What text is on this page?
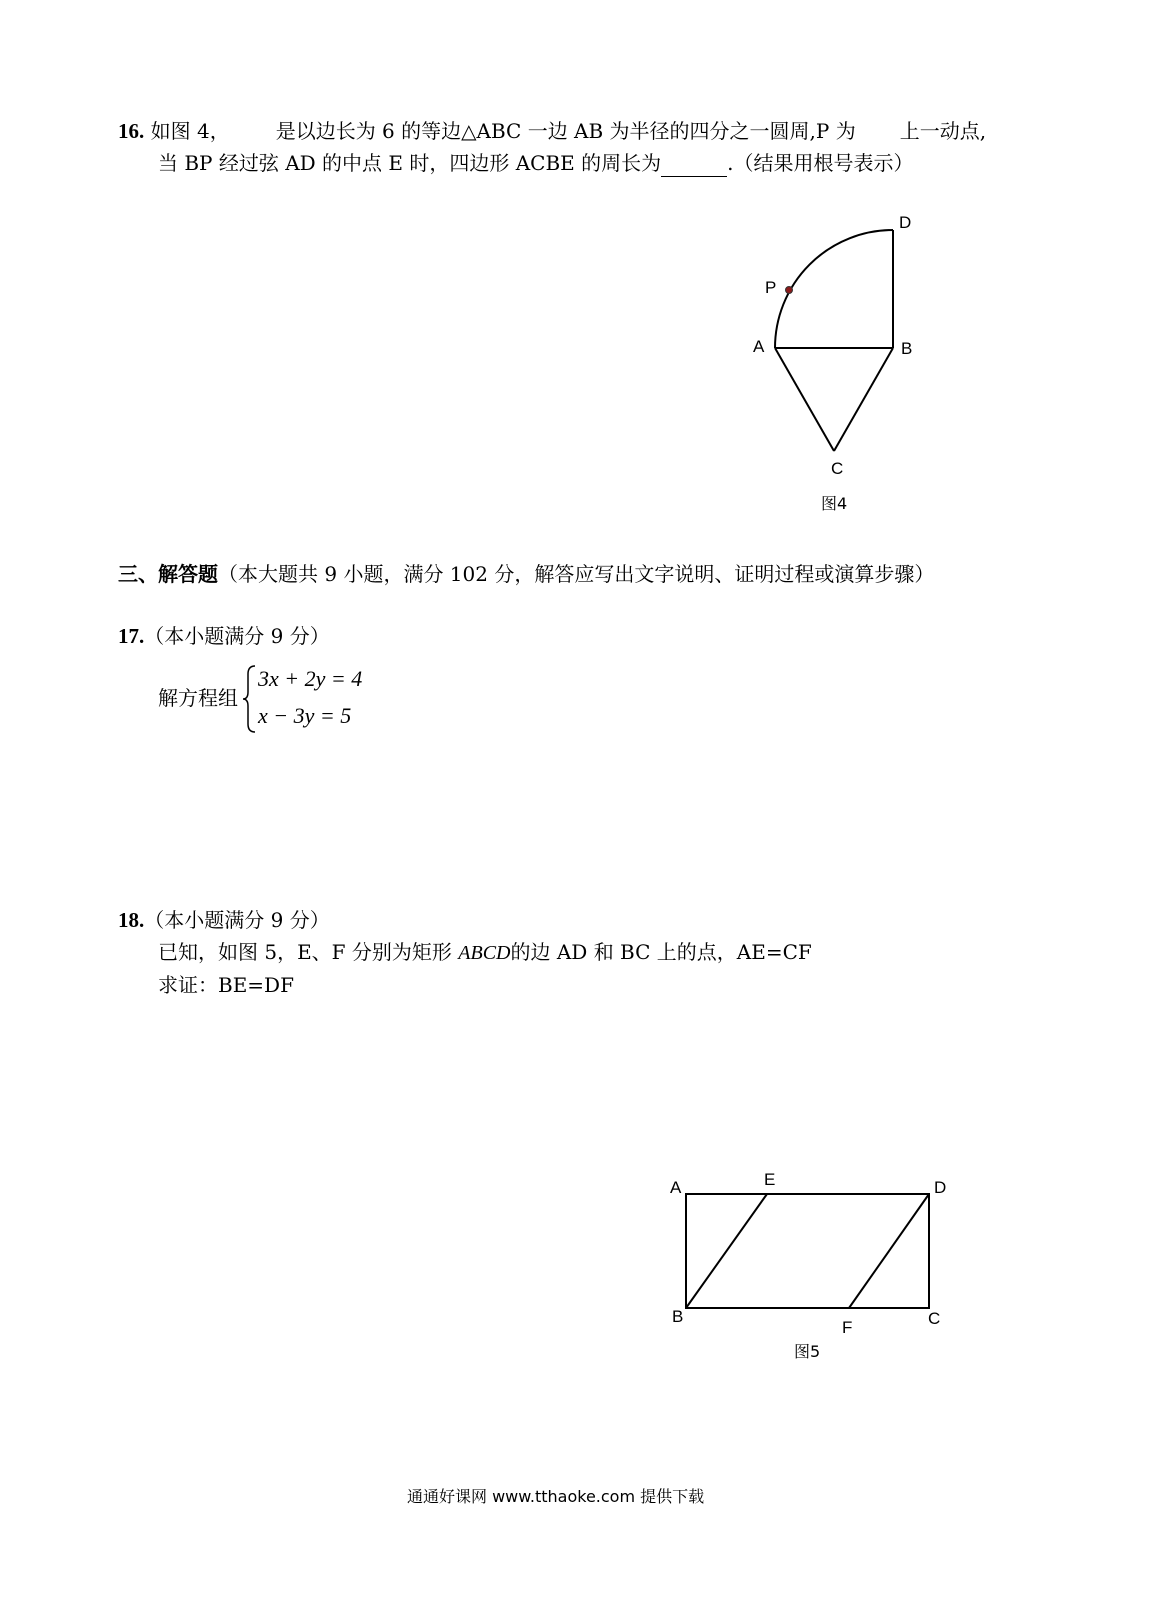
16. 如图 4， 是以边长为 6 的等边△ABC 一边 AB 为半径的四分之一圆周,P 为 上一动点,
当 BP 经过弦 AD 的中点 E 时，四边形 ACBE 的周长为	.（结果用根号表示）
D
P
A	B
C
图4
三、解答题（本大题共 9 小题，满分 102 分，解答应写出文字说明、证明过程或演算步骤）
17.（本小题满分 9 分）
解方程组
3x + 2y = 4
x − 3y = 5
18.（本小题满分 9 分）
已知，如图 5，E、F 分别为矩形 ABCD的边 AD 和 BC 上的点，AE=CF
求证：BE=DF
A	E	D
B
F	C
图5
通通好课网 www.tthaoke.com 提供下载
